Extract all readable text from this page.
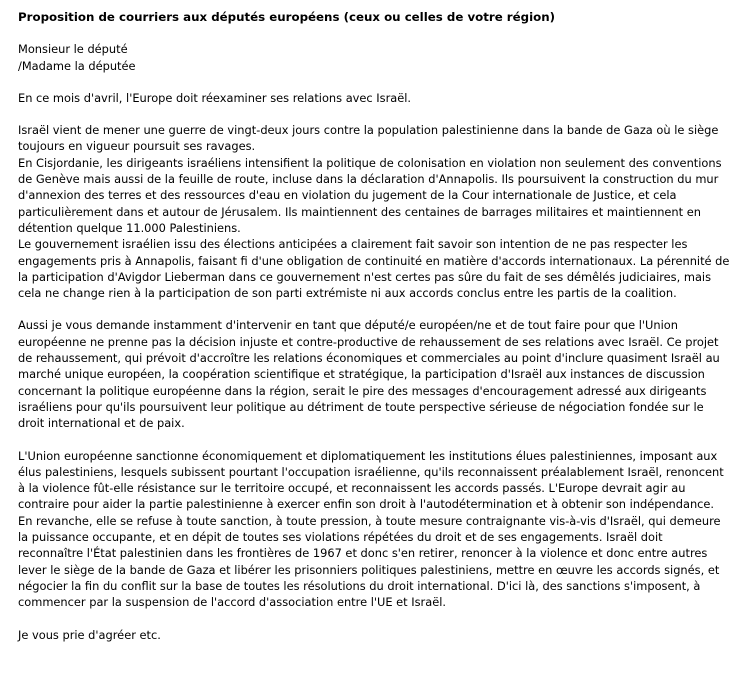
Proposition de courriers aux députés européens (ceux ou celles de votre région)

Monsieur le député
/Madame la députée

En ce mois d'avril, l'Europe doit réexaminer ses relations avec Israël.

Israël vient de mener une guerre de vingt-deux jours contre la population palestinienne dans la bande de Gaza où le siège toujours en vigueur poursuit ses ravages.

En Cisjordanie, les dirigeants israéliens intensifient la politique de colonisation en violation non seulement des conventions de Genève mais aussi de la feuille de route, incluse dans la déclaration d'Annapolis. Ils poursuivent la construction du mur d'annexion des terres et des ressources d'eau en violation du jugement de la Cour internationale de Justice, et cela particulièrement dans et autour de Jérusalem. Ils maintiennent des centaines de barrages militaires et maintiennent en détention quelque 11.000 Palestiniens.

Le gouvernement israélien issu des élections anticipées a clairement fait savoir son intention de ne pas respecter les engagements pris à Annapolis, faisant fi d'une obligation de continuité en matière d'accords internationaux. La pérennité de la participation d'Avigdor Lieberman dans ce gouvernement n'est certes pas sûre du fait de ses démêlés judiciaires, mais cela ne change rien à la participation de son parti extrémiste ni aux accords conclus entre les partis de la coalition.

Aussi je vous demande instamment d'intervenir en tant que député/e européen/ne et de tout faire pour que l'Union européenne ne prenne pas la décision injuste et contre-productive de rehaussement de ses relations avec Israël. Ce projet de rehaussement, qui prévoit d'accroître les relations économiques et commerciales au point d'inclure quasiment Israël au marché unique européen, la coopération scientifique et stratégique, la participation d'Israël aux instances de discussion concernant la politique européenne dans la région, serait le pire des messages d'encouragement adressé aux dirigeants israéliens pour qu'ils poursuivent leur politique au détriment de toute perspective sérieuse de négociation fondée sur le droit international et de paix.

L'Union européenne sanctionne économiquement et diplomatiquement les institutions élues palestiniennes, imposant aux élus palestiniens, lesquels subissent pourtant l'occupation israélienne, qu'ils reconnaissent préalablement Israël, renoncent à la violence fût-elle résistance sur le territoire occupé, et reconnaissent les accords passés. L'Europe devrait agir au contraire pour aider la partie palestinienne à exercer enfin son droit à l'autodétermination et à obtenir son indépendance.

En revanche, elle se refuse à toute sanction, à toute pression, à toute mesure contraignante vis-à-vis d'Israël, qui demeure la puissance occupante, et en dépit de toutes ses violations répétées du droit et de ses engagements. Israël doit reconnaître l'État palestinien dans les frontières de 1967 et donc s'en retirer, renoncer à la violence et donc entre autres lever le siège de la bande de Gaza et libérer les prisonniers politiques palestiniens, mettre en œuvre les accords signés, et négocier la fin du conflit sur la base de toutes les résolutions du droit international. D'ici là, des sanctions s'imposent, à commencer par la suspension de l'accord d'association entre l'UE et Israël.

Je vous prie d'agréer etc.
